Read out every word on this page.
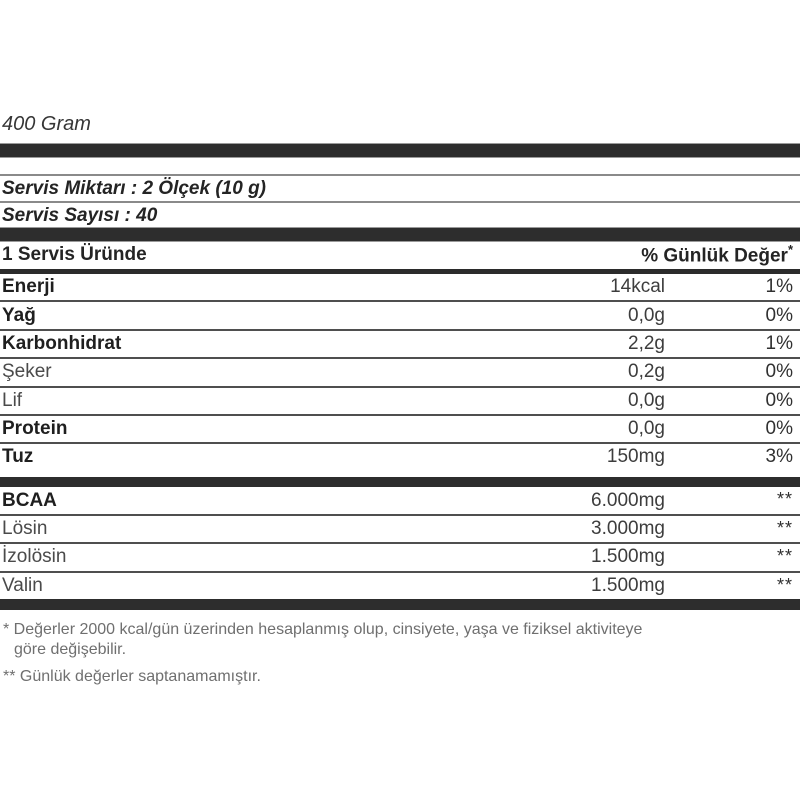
400 Gram
Servis Miktarı : 2 Ölçek (10 g)
Servis Sayısı : 40
1 Servis Üründe	% Günlük Değer*
Enerji	14kcal	1%
Yağ	0,0g	0%
Karbonhidrat	2,2g	1%
Şeker	0,2g	0%
Lif	0,0g	0%
Protein	0,0g	0%
Tuz	150mg	3%
BCAA	6.000mg	**
Lösin	3.000mg	**
İzolösin	1.500mg	**
Valin	1.500mg	**
* Değerler 2000 kcal/gün üzerinden hesaplanmış olup, cinsiyete, yaşa ve fiziksel aktiviteye
göre değişebilir.
** Günlük değerler saptanamamıştır.
